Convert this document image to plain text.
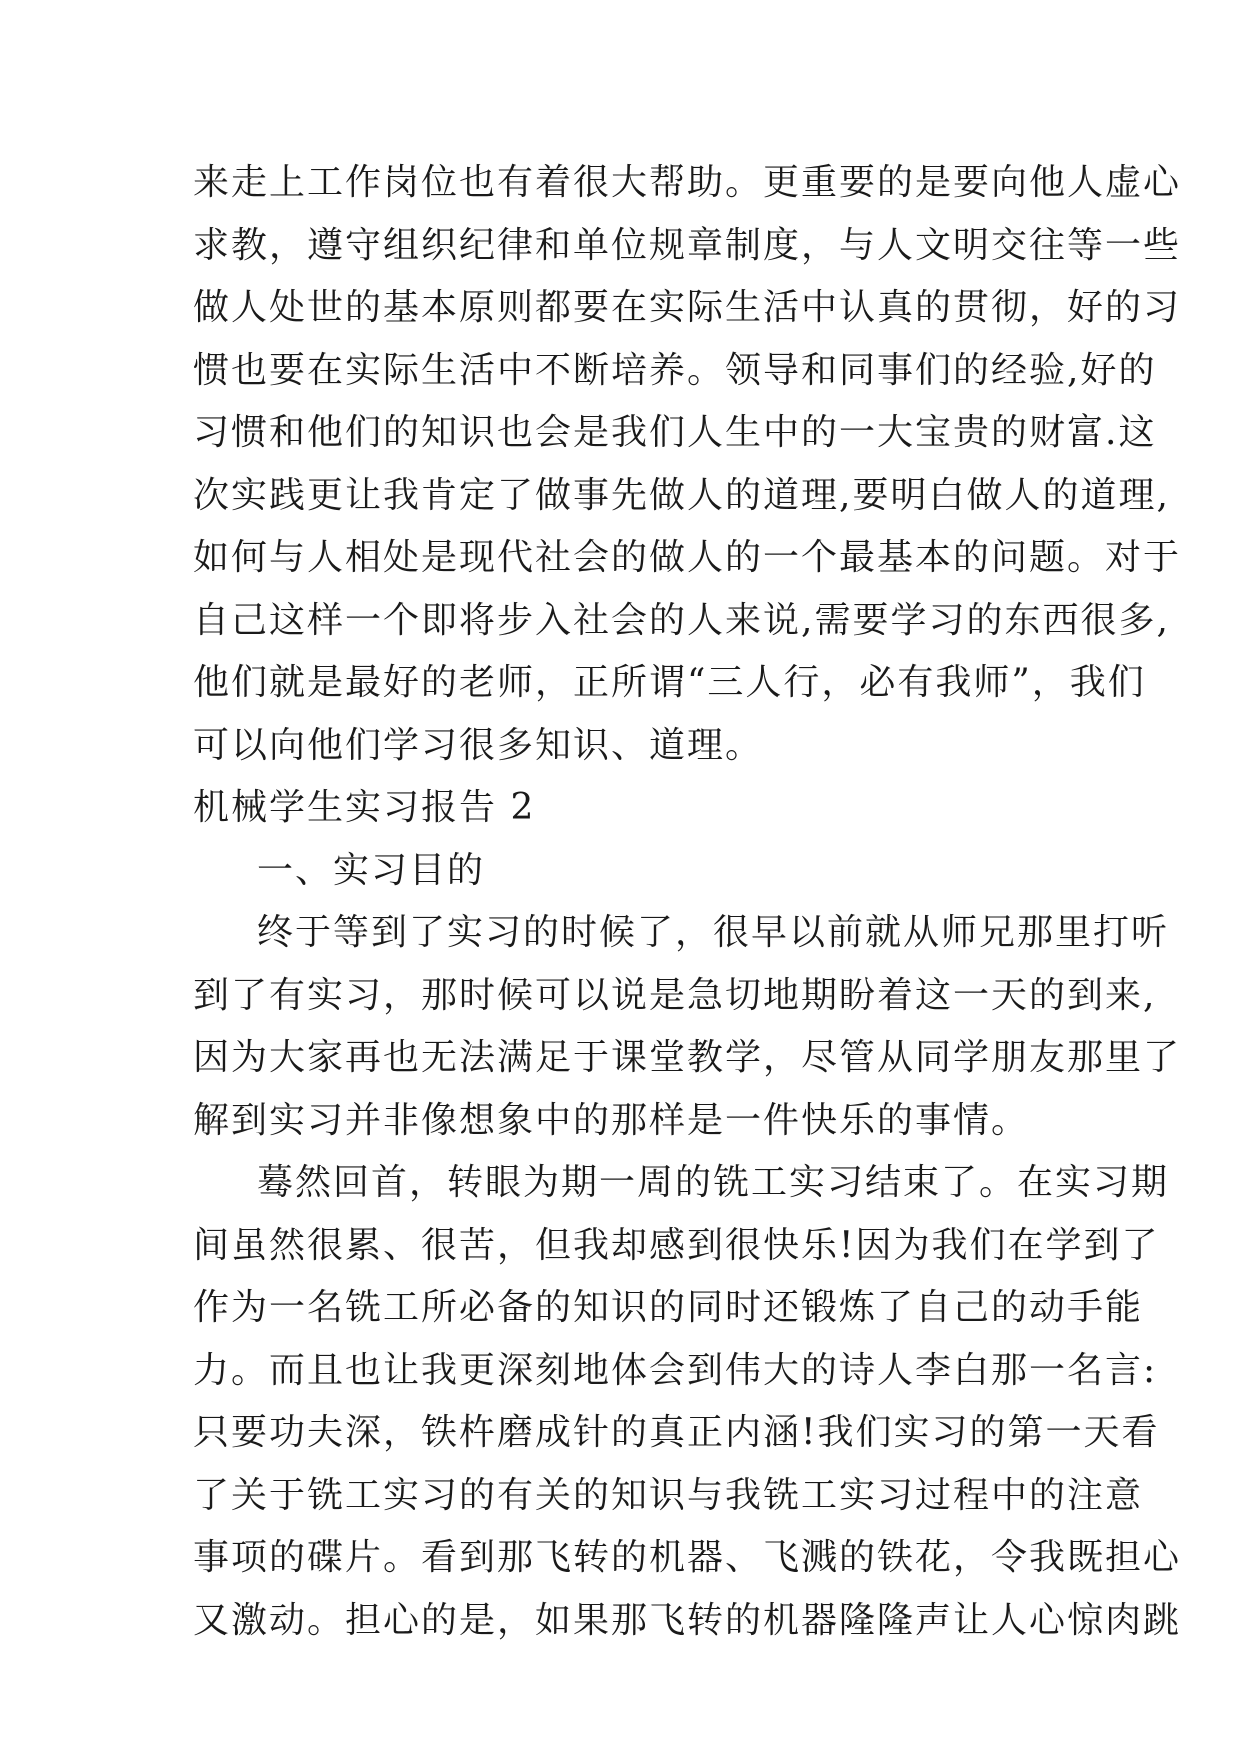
来走上工作岗位也有着很大帮助。更重要的是要向他人虚心
求教，遵守组织纪律和单位规章制度，与人文明交往等一些
做人处世的基本原则都要在实际生活中认真的贯彻，好的习
惯也要在实际生活中不断培养。领导和同事们的经验,好的
习惯和他们的知识也会是我们人生中的一大宝贵的财富.这
次实践更让我肯定了做事先做人的道理,要明白做人的道理,
如何与人相处是现代社会的做人的一个最基本的问题。对于
自己这样一个即将步入社会的人来说,需要学习的东西很多,
他们就是最好的老师，正所谓“三人行，必有我师”，我们
可以向他们学习很多知识、道理。
机械学生实习报告 2
一、实习目的
终于等到了实习的时候了，很早以前就从师兄那里打听
到了有实习，那时候可以说是急切地期盼着这一天的到来,
因为大家再也无法满足于课堂教学，尽管从同学朋友那里了
解到实习并非像想象中的那样是一件快乐的事情。
蓦然回首，转眼为期一周的铣工实习结束了。在实习期
间虽然很累、很苦，但我却感到很快乐!因为我们在学到了
作为一名铣工所必备的知识的同时还锻炼了自己的动手能
力。而且也让我更深刻地体会到伟大的诗人李白那一名言:
只要功夫深，铁杵磨成针的真正内涵!我们实习的第一天看
了关于铣工实习的有关的知识与我铣工实习过程中的注意
事项的碟片。看到那飞转的机器、飞溅的铁花，令我既担心
又激动。担心的是，如果那飞转的机器隆隆声让人心惊肉跳
